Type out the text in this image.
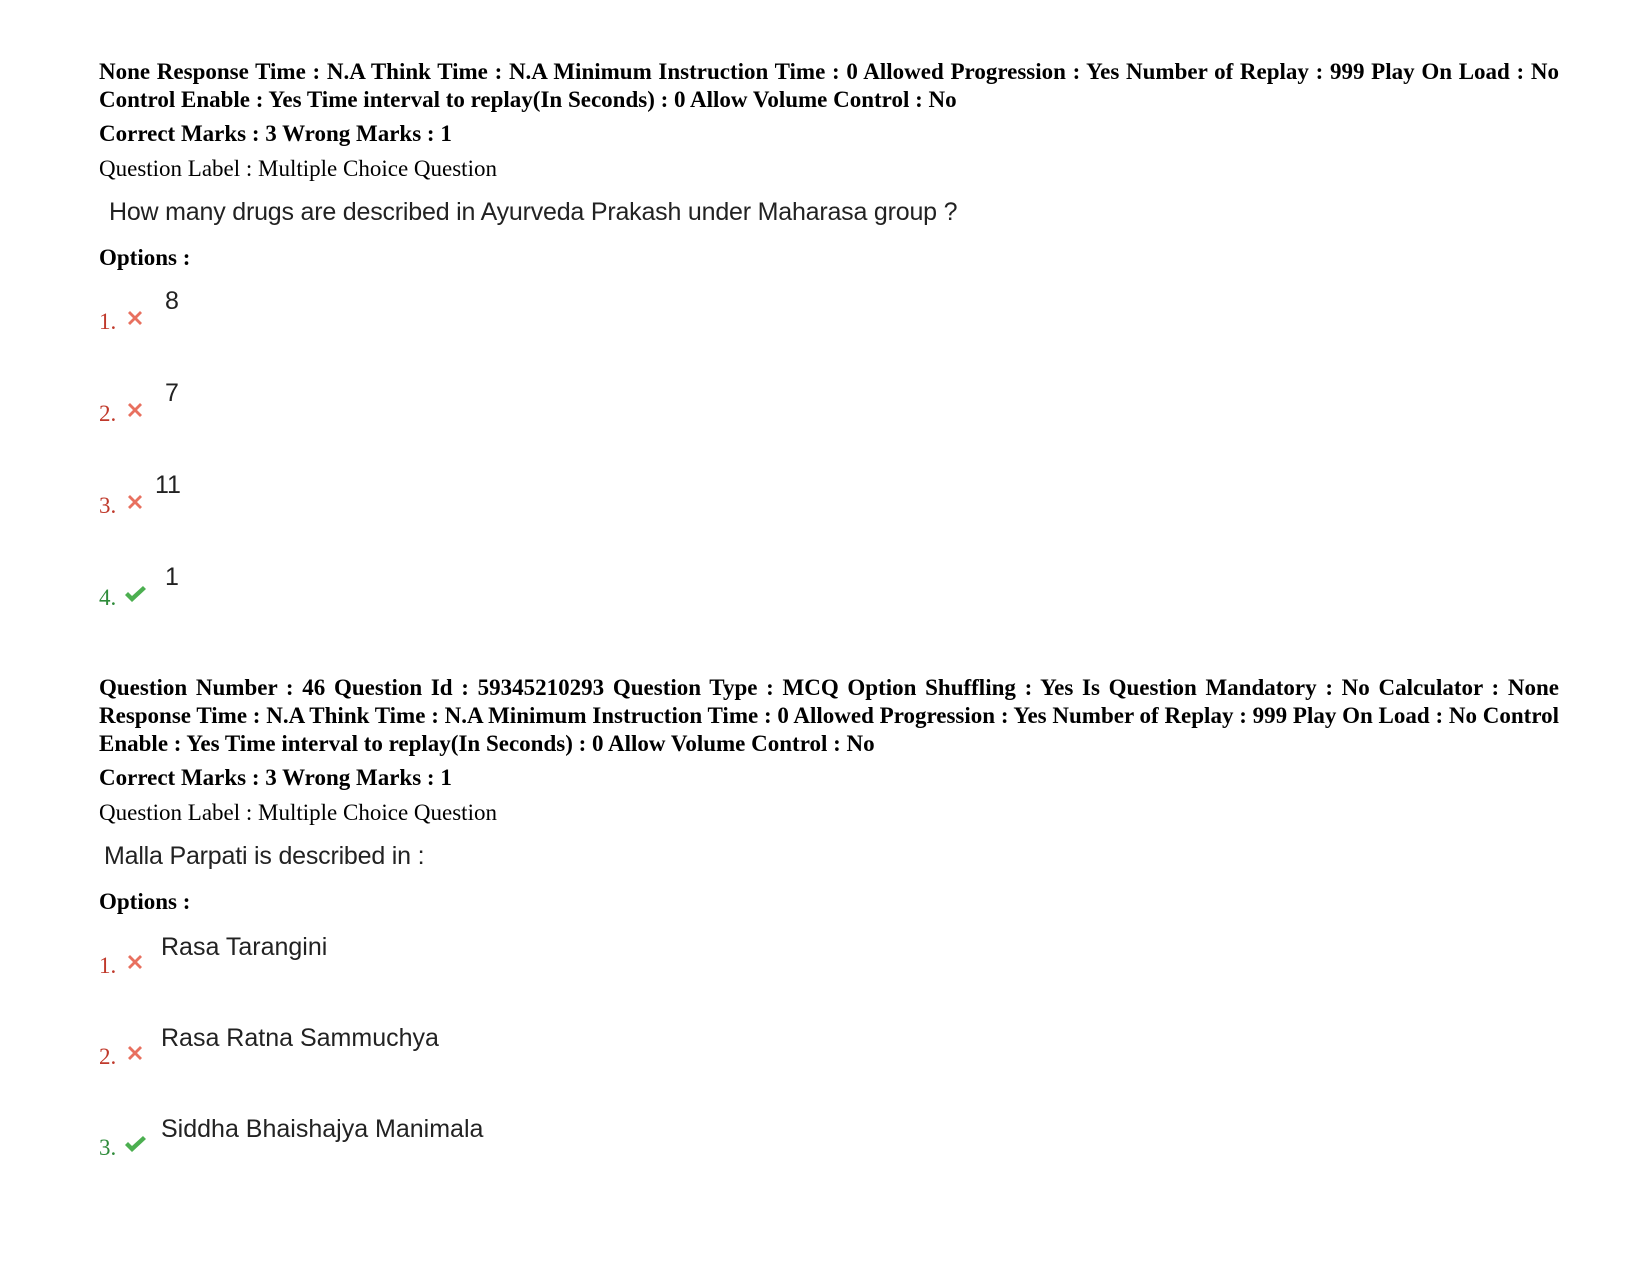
None Response Time : N.A Think Time : N.A Minimum Instruction Time : 0 Allowed Progression : Yes Number of Replay : 999 Play On Load : No Control Enable : Yes Time interval to replay(In Seconds) : 0 Allow Volume Control : No

Correct Marks : 3 Wrong Marks : 1
Question Label : Multiple Choice Question
How many drugs are described in Ayurveda Prakash under Maharasa group ?
Options :
1.
8
2.
7
3.
11
4.
1

Question Number : 46 Question Id : 59345210293 Question Type : MCQ Option Shuffling : Yes Is Question Mandatory : No Calculator : None Response Time : N.A Think Time : N.A Minimum Instruction Time : 0 Allowed Progression : Yes Number of Replay : 999 Play On Load : No Control Enable : Yes Time interval to replay(In Seconds) : 0 Allow Volume Control : No

Correct Marks : 3 Wrong Marks : 1
Question Label : Multiple Choice Question
Malla Parpati is described in :
Options :
1.
Rasa Tarangini
2.
Rasa Ratna Sammuchya
3.
Siddha Bhaishajya Manimala
